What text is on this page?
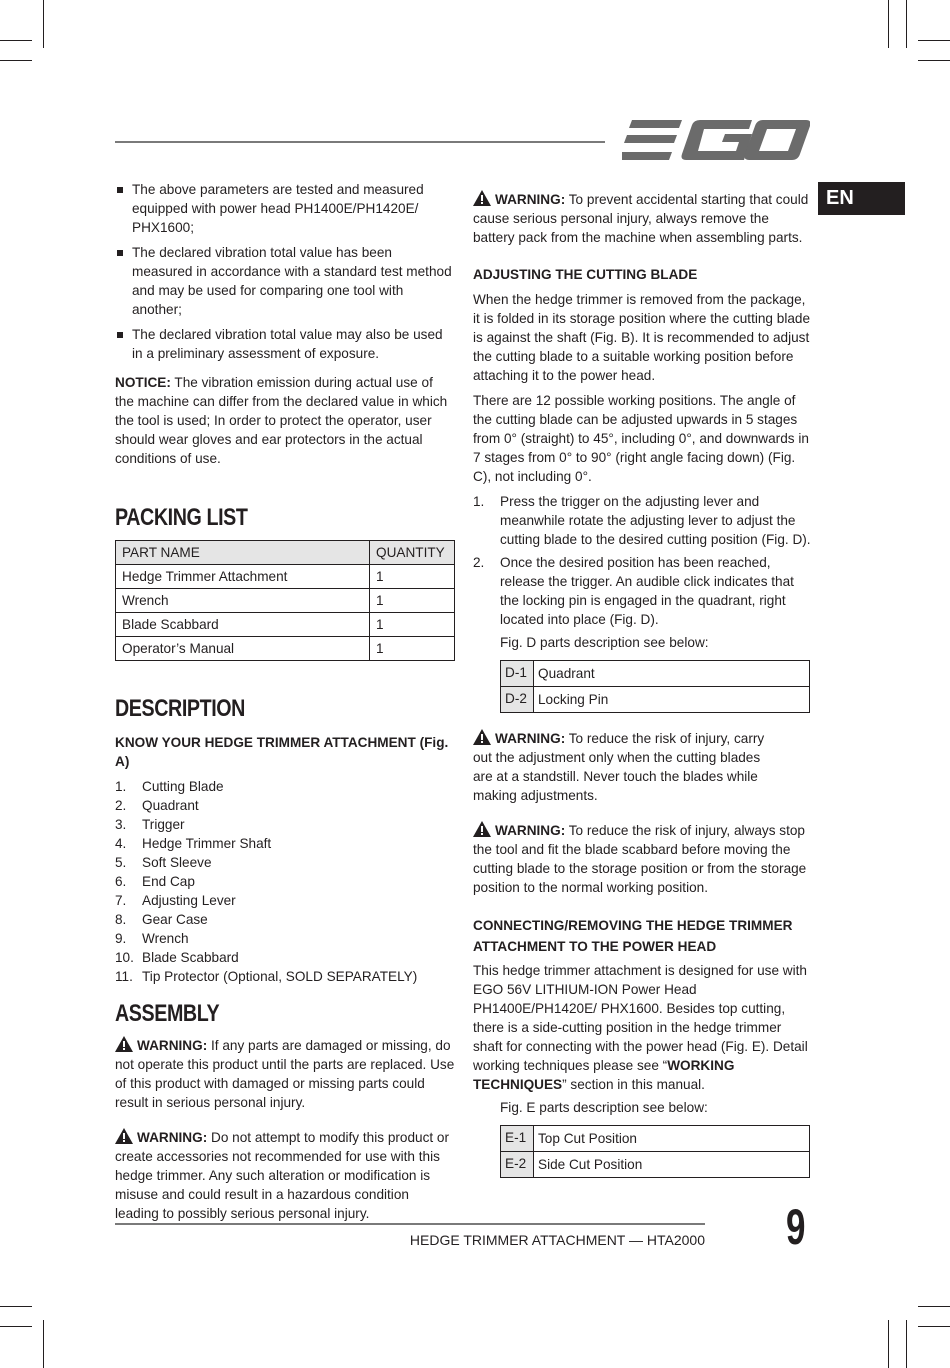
EN
The above parameters are tested and measured equipped with power head PH1400E/PH1420E/ PHX1600;
The declared vibration total value has been measured in accordance with a standard test method and may be used for comparing one tool with another;
The declared vibration total value may also be used in a preliminary assessment of exposure.

NOTICE: The vibration emission during actual use of the machine can differ from the declared value in which the tool is used; In order to protect the operator, user should wear gloves and ear protectors in the actual conditions of use.

PACKING LIST
PART NAME	QUANTITY
Hedge Trimmer Attachment	1
Wrench	1
Blade Scabbard	1
Operator’s Manual	1
DESCRIPTION
KNOW YOUR HEDGE TRIMMER ATTACHMENT (Fig. A)
1. Cutting Blade
2. Quadrant
3. Trigger
4. Hedge Trimmer Shaft
5. Soft Sleeve
6. End Cap
7. Adjusting Lever
8. Gear Case
9. Wrench
10. Blade Scabbard
11. Tip Protector (Optional, SOLD SEPARATELY)
ASSEMBLY

WARNING: If any parts are damaged or missing, do not operate this product until the parts are replaced. Use of this product with damaged or missing parts could result in serious personal injury.

WARNING: Do not attempt to modify this product or create accessories not recommended for use with this hedge trimmer. Any such alteration or modification is misuse and could result in a hazardous condition leading to possibly serious personal injury.

WARNING: To prevent accidental starting that could cause serious personal injury, always remove the battery pack from the machine when assembling parts.

ADJUSTING THE CUTTING BLADE

When the hedge trimmer is removed from the package, it is folded in its storage position where the cutting blade is against the shaft (Fig. B). It is recommended to adjust the cutting blade to a suitable working position before attaching it to the power head.

There are 12 possible working positions. The angle of the cutting blade can be adjusted upwards in 5 stages from 0° (straight) to 45°, including 0°, and downwards in 7 stages from 0° to 90° (right angle facing down) (Fig. C), not including 0°.

1. Press the trigger on the adjusting lever and meanwhile rotate the adjusting lever to adjust the cutting blade to the desired cutting position (Fig. D).
2. Once the desired position has been reached, release the trigger. An audible click indicates that the locking pin is engaged in the quadrant, right located into place (Fig. D).

Fig. D parts description see below:

D-1	Quadrant
D-2	Locking Pin

WARNING: To reduce the risk of injury, carry out the adjustment only when the cutting blades are at a standstill. Never touch the blades while making adjustments.

WARNING: To reduce the risk of injury, always stop the tool and fit the blade scabbard before moving the cutting blade to the storage position or from the storage position to the normal working position.

CONNECTING/REMOVING THE HEDGE TRIMMER ATTACHMENT TO THE POWER HEAD

This hedge trimmer attachment is designed for use with EGO 56V LITHIUM-ION Power Head PH1400E/PH1420E/ PHX1600. Besides top cutting, there is a side-cutting position in the hedge trimmer shaft for connecting with the power head (Fig. E). Detail working techniques please see “WORKING TECHNIQUES” section in this manual.

Fig. E parts description see below:

E-1	Top Cut Position
E-2	Side Cut Position
HEDGE TRIMMER ATTACHMENT — HTA2000 9
